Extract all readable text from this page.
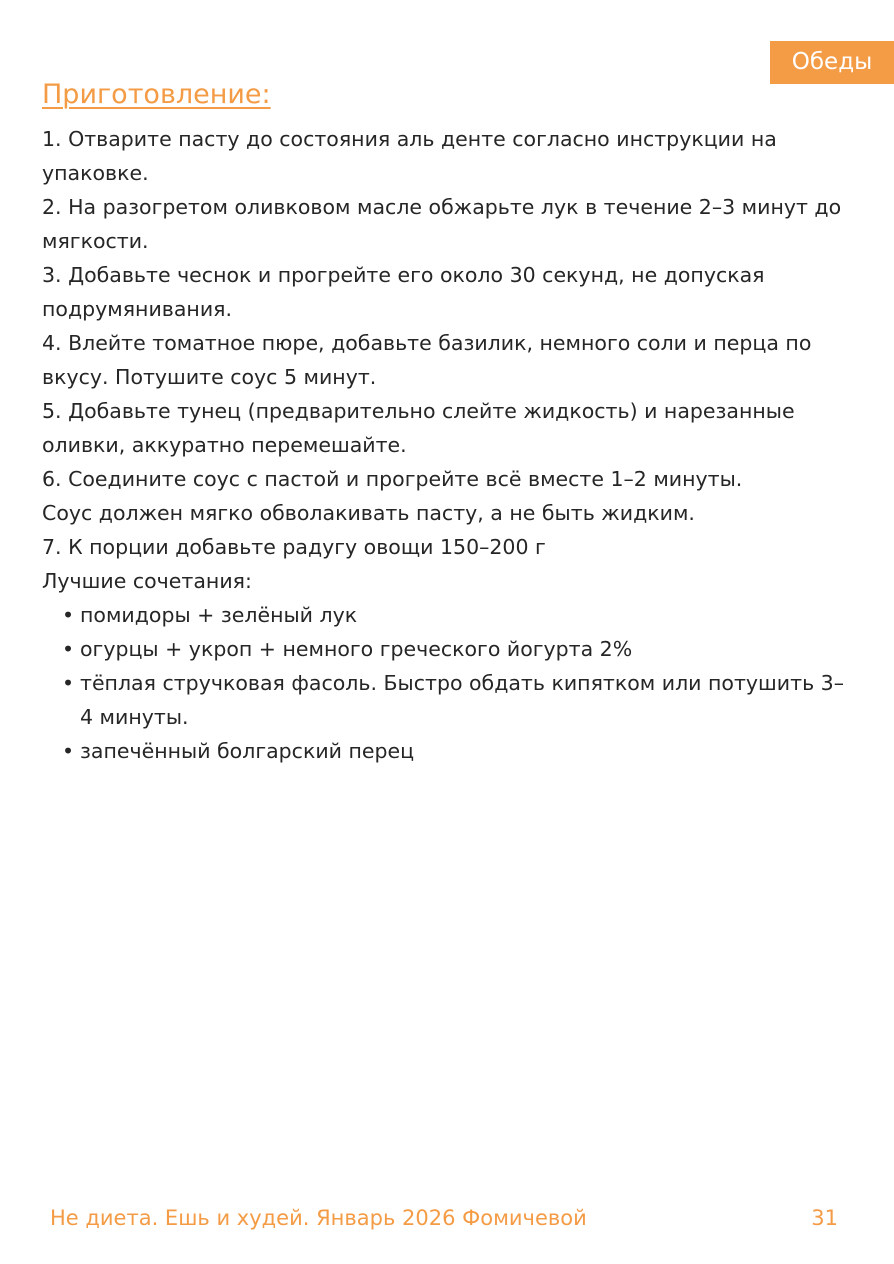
Обеды
Приготовление:

1. Отварите пасту до состояния аль денте согласно инструкции на упаковке.

2. На разогретом оливковом масле обжарьте лук в течение 2–3 минут до мягкости.

3. Добавьте чеснок и прогрейте его около 30 секунд, не допуская подрумянивания.

4. Влейте томатное пюре, добавьте базилик, немного соли и перца по вкусу. Потушите соус 5 минут.

5. Добавьте тунец (предварительно слейте жидкость) и нарезанные оливки, аккуратно перемешайте.

6. Соедините соус с пастой и прогрейте всё вместе 1–2 минуты.

Соус должен мягко обволакивать пасту, а не быть жидким.

7. К порции добавьте радугу овощи 150–200 г

Лучшие сочетания:

• помидоры + зелёный лук
• огурцы + укроп + немного греческого йогурта 2%
• тёплая стручковая фасоль. Быстро обдать кипятком или потушить 3–4 минуты.
• запечённый болгарский перец
Не диета. Ешь и худей. Январь 2026 Фомичевой	31
